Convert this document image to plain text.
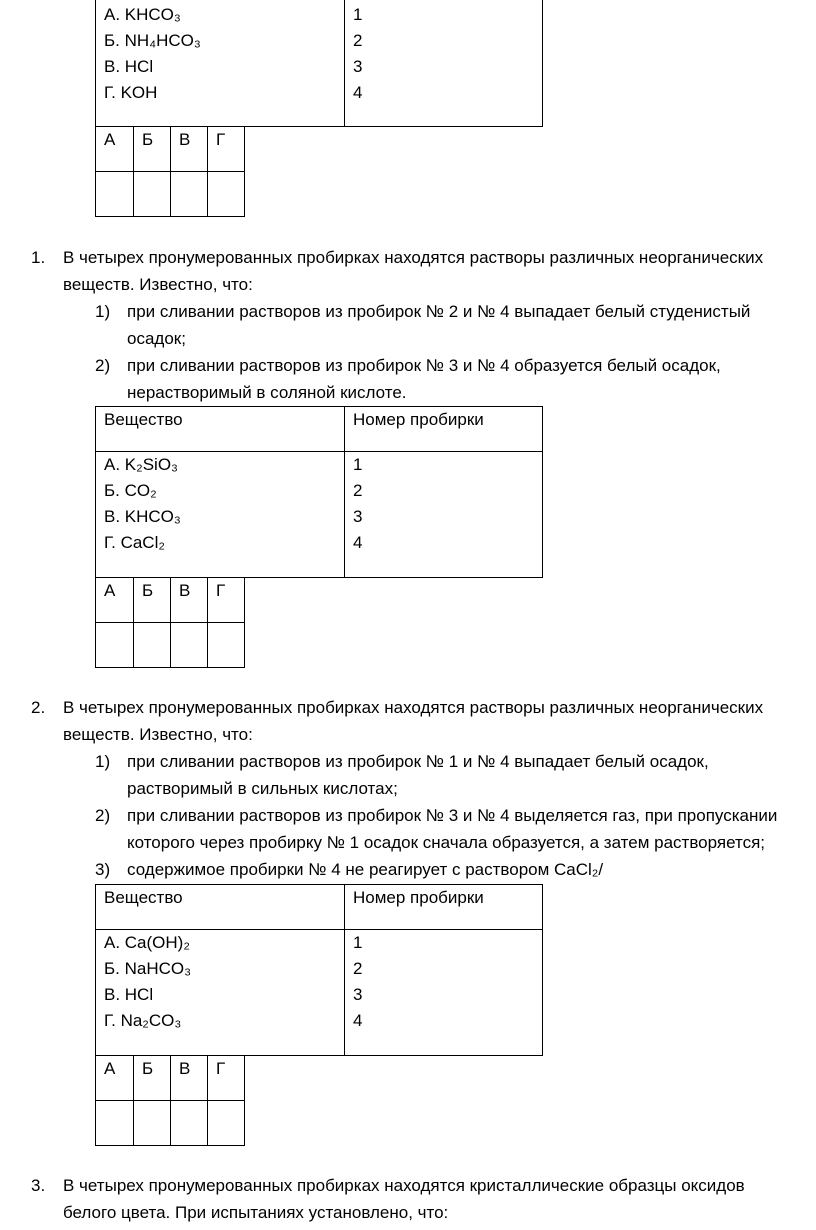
А. KHCO₃
Б. NH₄HCO₃
В. HCl
Г. KOH
1
2
3
4
А Б В Г
1. В четырех пронумерованных пробирках находятся растворы различных неорганических
веществ. Известно, что:
1) при сливании растворов из пробирок № 2 и № 4 выпадает белый студенистый
осадок;
2) при сливании растворов из пробирок № 3 и № 4 образуется белый осадок,
нерастворимый в соляной кислоте.
Вещество	Номер пробирки
А. K₂SiO₃
Б. CO₂
В. KHCO₃
Г. CaCl₂
1
2
3
4
А Б В Г
2. В четырех пронумерованных пробирках находятся растворы различных неорганических
веществ. Известно, что:
1) при сливании растворов из пробирок № 1 и № 4 выпадает белый осадок,
растворимый в сильных кислотах;
2) при сливании растворов из пробирок № 3 и № 4 выделяется газ, при пропускании
которого через пробирку № 1 осадок сначала образуется, а затем растворяется;
3) содержимое пробирки № 4 не реагирует с раствором CaCl₂/
Вещество	Номер пробирки
А. Ca(OH)₂
Б. NaHCO₃
В. HCl
Г. Na₂CO₃
1
2
3
4
А Б В Г
3. В четырех пронумерованных пробирках находятся кристаллические образцы оксидов
белого цвета. При испытаниях установлено, что:
